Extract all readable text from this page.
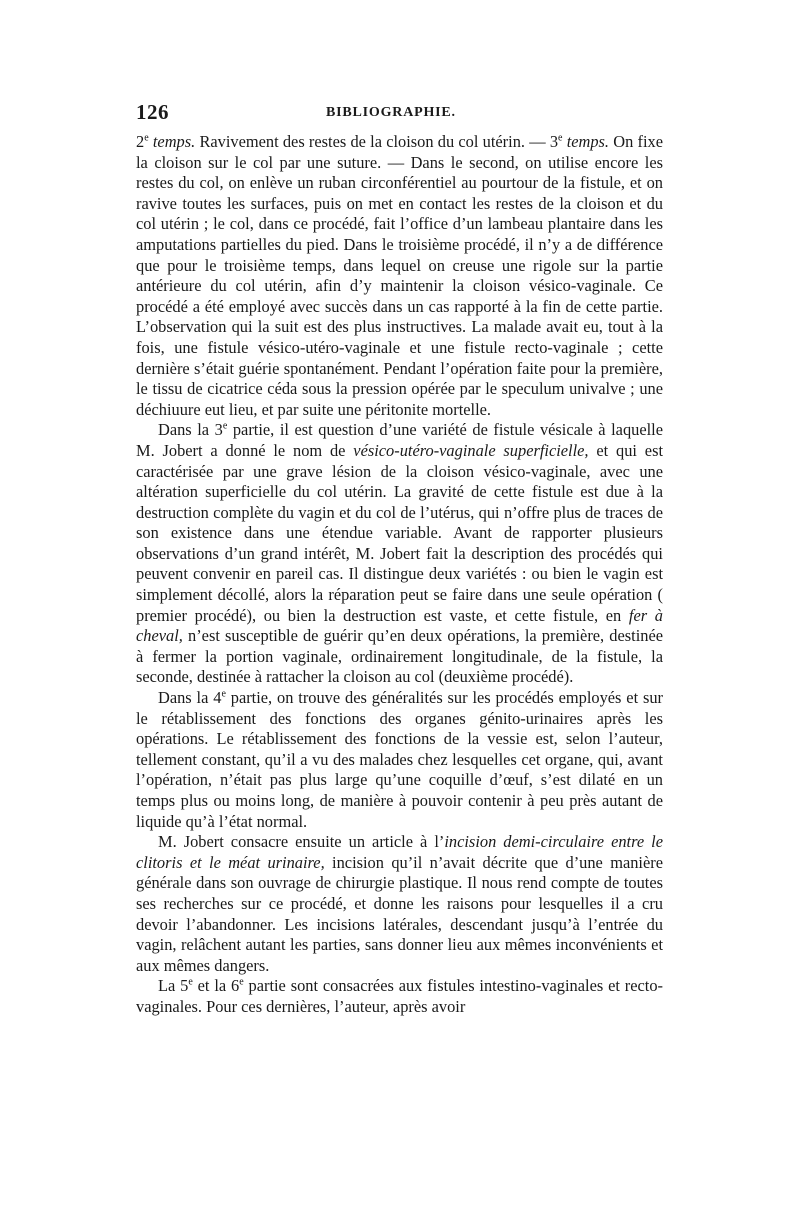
126	BIBLIOGRAPHIE.

2e temps. Ravivement des restes de la cloison du col utérin. — 3e temps. On fixe la cloison sur le col par une suture. — Dans le second, on utilise encore les restes du col, on enlève un ruban circonférentiel au pourtour de la fistule, et on ravive toutes les surfaces, puis on met en contact les restes de la cloison et du col utérin ; le col, dans ce procédé, fait l’office d’un lambeau plantaire dans les amputations partielles du pied. Dans le troisième procédé, il n’y a de différence que pour le troisième temps, dans lequel on creuse une rigole sur la partie antérieure du col utérin, afin d’y maintenir la cloison vésico-vaginale. Ce procédé a été employé avec succès dans un cas rapporté à la fin de cette partie. L’observation qui la suit est des plus instructives. La malade avait eu, tout à la fois, une fistule vésico-utéro-vaginale et une fistule recto-vaginale ; cette dernière s’était guérie spontanément. Pendant l’opération faite pour la première, le tissu de cicatrice céda sous la pression opérée par le speculum univalve ; une déchiuure eut lieu, et par suite une péritonite mortelle.

Dans la 3e partie, il est question d’une variété de fistule vésicale à laquelle M. Jobert a donné le nom de vésico-utéro-vaginale superficielle, et qui est caractérisée par une grave lésion de la cloison vésico-vaginale, avec une altération superficielle du col utérin. La gravité de cette fistule est due à la destruction complète du vagin et du col de l’utérus, qui n’offre plus de traces de son existence dans une étendue variable. Avant de rapporter plusieurs observations d’un grand intérêt, M. Jobert fait la description des procédés qui peuvent convenir en pareil cas. Il distingue deux variétés : ou bien le vagin est simplement décollé, alors la réparation peut se faire dans une seule opération ( premier procédé), ou bien la destruction est vaste, et cette fistule, en fer à cheval, n’est susceptible de guérir qu’en deux opérations, la première, destinée à fermer la portion vaginale, ordinairement longitudinale, de la fistule, la seconde, destinée à rattacher la cloison au col (deuxième procédé).

Dans la 4e partie, on trouve des généralités sur les procédés employés et sur le rétablissement des fonctions des organes génito-urinaires après les opérations. Le rétablissement des fonctions de la vessie est, selon l’auteur, tellement constant, qu’il a vu des malades chez lesquelles cet organe, qui, avant l’opération, n’était pas plus large qu’une coquille d’œuf, s’est dilaté en un temps plus ou moins long, de manière à pouvoir contenir à peu près autant de liquide qu’à l’état normal.

M. Jobert consacre ensuite un article à l’incision demi-circulaire entre le clitoris et le méat urinaire, incision qu’il n’avait décrite que d’une manière générale dans son ouvrage de chirurgie plastique. Il nous rend compte de toutes ses recherches sur ce procédé, et donne les raisons pour lesquelles il a cru devoir l’abandonner. Les incisions latérales, descendant jusqu’à l’entrée du vagin, relâchent autant les parties, sans donner lieu aux mêmes inconvénients et aux mêmes dangers.

La 5e et la 6e partie sont consacrées aux fistules intestino-vaginales et recto-vaginales. Pour ces dernières, l’auteur, après avoir
